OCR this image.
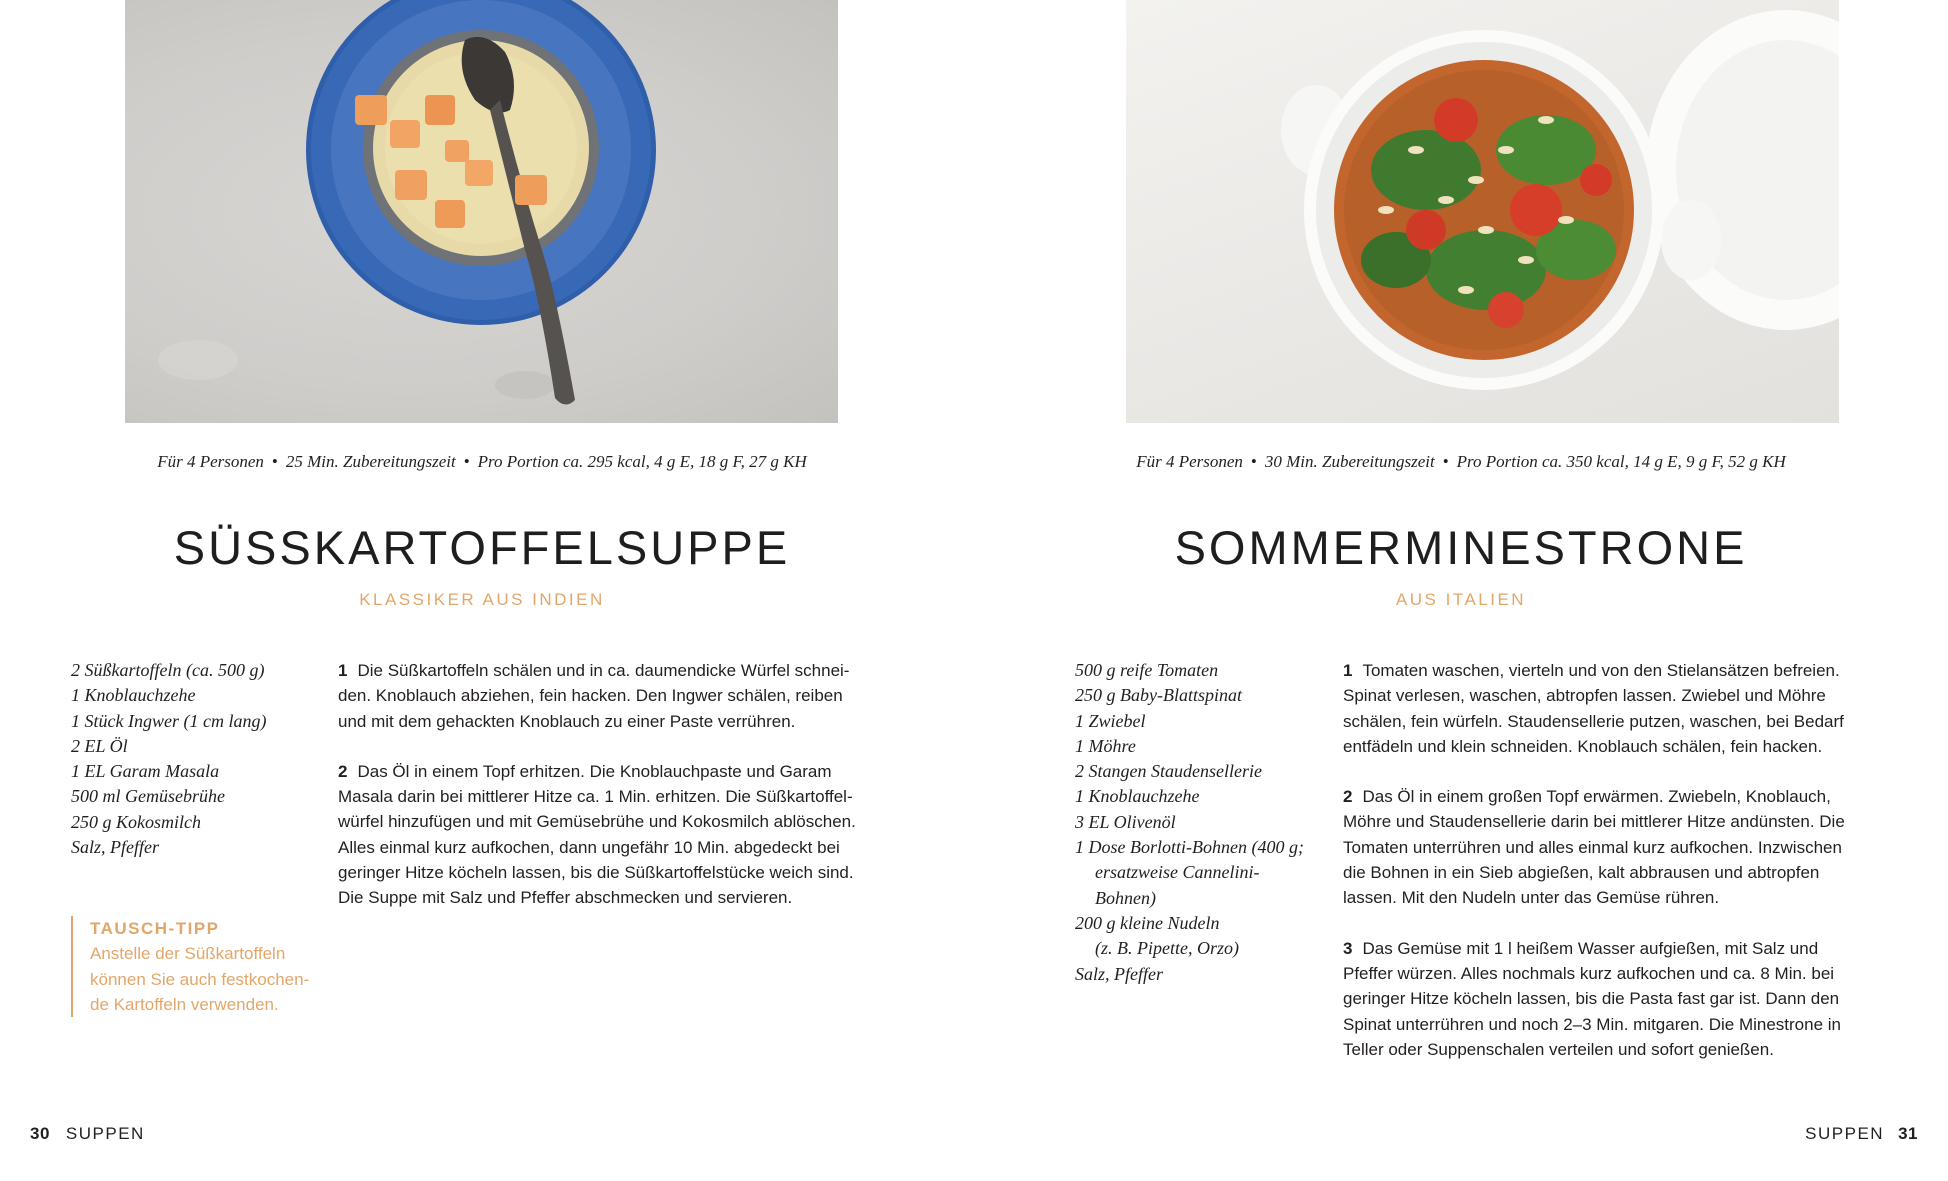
Für 4 Personen • 25 Min. Zubereitungszeit • Pro Portion ca. 295 kcal, 4 g E, 18 g F, 27 g KH
SÜSSKARTOFFELSUPPE
KLASSIKER AUS INDIEN
2 Süßkartoffeln (ca. 500 g)
1 Knoblauchzehe
1 Stück Ingwer (1 cm lang)
2 EL Öl
1 EL Garam Masala
500 ml Gemüsebrühe
250 g Kokosmilch
Salz, Pfeffer
1 Die Süßkartoffeln schälen und in ca. daumendicke Würfel schnei-
den. Knoblauch abziehen, fein hacken. Den Ingwer schälen, reiben
und mit dem gehackten Knoblauch zu einer Paste verrühren.
2 Das Öl in einem Topf erhitzen. Die Knoblauchpaste und Garam
Masala darin bei mittlerer Hitze ca. 1 Min. erhitzen. Die Süßkartoffel-
würfel hinzufügen und mit Gemüsebrühe und Kokosmilch ablöschen.
Alles einmal kurz aufkochen, dann ungefähr 10 Min. abgedeckt bei
geringer Hitze köcheln lassen, bis die Süßkartoffelstücke weich sind.
Die Suppe mit Salz und Pfeffer abschmecken und servieren.
TAUSCH-TIPP
Anstelle der Süßkartoffeln
können Sie auch festkochen-
de Kartoffeln verwenden.
30 SUPPEN
Für 4 Personen • 30 Min. Zubereitungszeit • Pro Portion ca. 350 kcal, 14 g E, 9 g F, 52 g KH
SOMMERMINESTRONE
AUS ITALIEN
500 g reife Tomaten
250 g Baby-Blattspinat
1 Zwiebel
1 Möhre
2 Stangen Staudensellerie
1 Knoblauchzehe
3 EL Olivenöl
1 Dose Borlotti-Bohnen (400 g;
ersatzweise Cannelini-
Bohnen)
200 g kleine Nudeln
(z. B. Pipette, Orzo)
Salz, Pfeffer
1 Tomaten waschen, vierteln und von den Stielansätzen befreien.
Spinat verlesen, waschen, abtropfen lassen. Zwiebel und Möhre
schälen, fein würfeln. Staudensellerie putzen, waschen, bei Bedarf
entfädeln und klein schneiden. Knoblauch schälen, fein hacken.
2 Das Öl in einem großen Topf erwärmen. Zwiebeln, Knoblauch,
Möhre und Staudensellerie darin bei mittlerer Hitze andünsten. Die
Tomaten unterrühren und alles einmal kurz aufkochen. Inzwischen
die Bohnen in ein Sieb abgießen, kalt abbrausen und abtropfen
lassen. Mit den Nudeln unter das Gemüse rühren.
3 Das Gemüse mit 1 l heißem Wasser aufgießen, mit Salz und
Pfeffer würzen. Alles nochmals kurz aufkochen und ca. 8 Min. bei
geringer Hitze köcheln lassen, bis die Pasta fast gar ist. Dann den
Spinat unterrühren und noch 2–3 Min. mitgaren. Die Minestrone in
Teller oder Suppenschalen verteilen und sofort genießen.
SUPPEN 31
